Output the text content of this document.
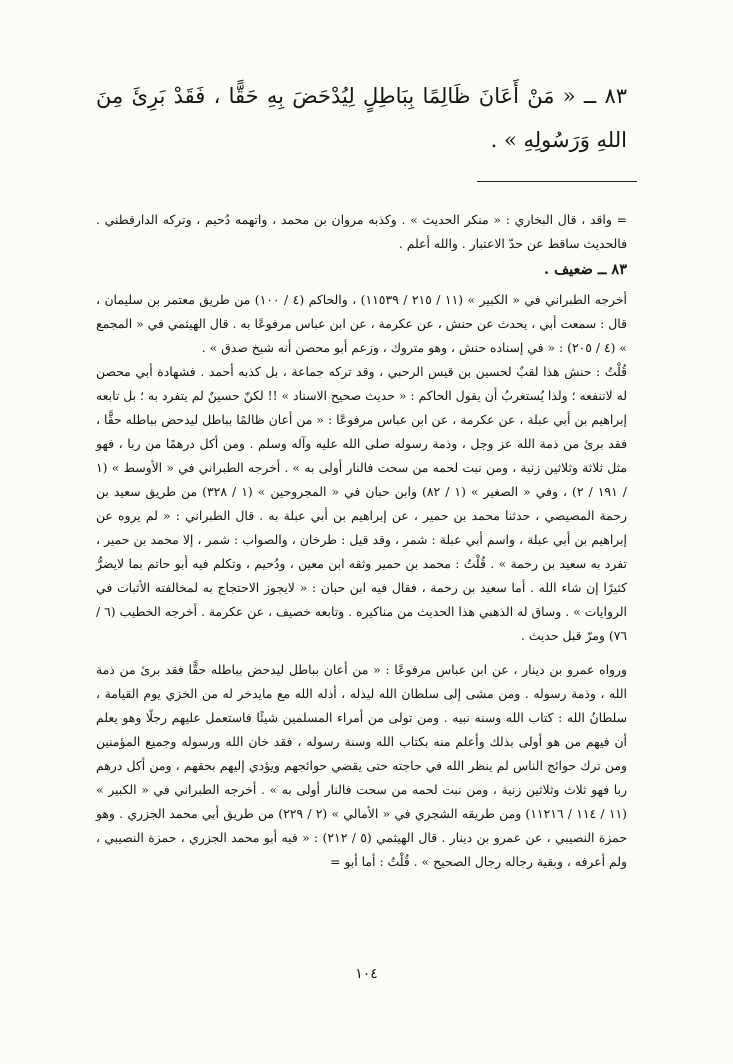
٨٣ ــ « مَنْ أَعَانَ ظَالِمًا بِبَاطِلٍ لِيُدْحَضَ بِهِ حَقًّا ، فَقَدْ بَرِئَ مِنَ اللهِ وَرَسُولِهِ » .

= واقد ، قال البخاري : « منكر الحديث » . وكذبه مروان بن محمد ، واتهمه دُحيم ، وتركه الدارقطني . فالحديث ساقط عن حدّ الاعتبار . والله أعلم .

٨٣ ــ ضعيف .

أخرجه الطبراني في « الكبير » (١١ / ٢١٥ / ١١٥٣٩) ، والحاكم (٤ / ١٠٠) من طريق معتمر بن سليمان ، قال : سمعت أبي ، يحدث عن حنش ، عن عكرمة ، عن ابن عباس مرفوعًا به . قال الهيثمي في « المجمع » (٤ / ٢٠٥) : « في إسناده حنش ، وهو متروك ، وزعم أبو محصن أنه شيخ صدق » .

قُلْتُ : حنش هذا لقبٌ لحسين بن قيس الرحبي ، وقد تركه جماعة ، بل كذبه أحمد . فشهادة أبي محصن له لاتنفعه ؛ ولذا يُستغربُ أن يقول الحاكم : « حديث صحيح الاسناد » !! لكنّ حسينٌ لم يتفرد به ؛ بل تابعه إبراهيم بن أبي عبلة ، عن عكرمة ، عن ابن عباس مرفوعًا : « من أعان ظالمًا بباطل ليدحض بباطله حقًّا ، فقد برئ من ذمة الله عز وجل ، وذمة رسوله صلى الله عليه وآله وسلم . ومن أكل درهمًا من ربا ، فهو مثل ثلاثة وثلاثين زنية ، ومن نبت لحمه من سحت فالنار أولى به » . أخرجه الطبراني في « الأوسط » (١ / ١٩١ / ٢) ، وفي « الصغير » (١ / ٨٢) وابن حبان في « المجروحين » (١ / ٣٢٨) من طريق سعيد بن رحمة المصيصي ، حدثنا محمد بن حمير ، عن إبراهيم بن أبي عبلة به . قال الطبراني : « لم يروه عن إبراهيم بن أبي عبلة ، واسم أبي عبلة : شمر ، وقد قيل : طرخان ، والصواب : شمر ، إلا محمد بن حمير ، تفرد به سعيد بن رحمة » . قُلْتُ : محمد بن حمير وثقه ابن معين ، ودُحيم ، وتكلم فيه أبو حاتم بما لايضرُّ كثيرًا إن شاء الله . أما سعيد بن رحمة ، فقال فيه ابن حبان : « لايجوز الاحتجاج به لمخالفته الأثبات في الروايات » . وساق له الذهبي هذا الحديث من مناكيره . وتابعه خصيف ، عن عكرمة . أخرجه الخطيب (٦ / ٧٦) ومرّ قبل حديث .

ورواه عمرو بن دينار ، عن ابن عباس مرفوعًا : « من أعان بباطل ليدحض بباطله حقًّا فقد برئ من ذمة الله ، وذمة رسوله . ومن مشى إلى سلطان الله ليذله ، أذله الله مع مايدخر له من الخزي يوم القيامة ، سلطانُ الله : كتاب الله وسنه نبيه . ومن تولى من أمراء المسلمين شيئًا فاستعمل عليهم رجلًا وهو يعلم أن فيهم من هو أولى بذلك وأعلم منه بكتاب الله وسنة رسوله ، فقد خان الله ورسوله وجميع المؤمنين ومن ترك حوائج الناس لم ينظر الله في حاجته حتى يقضي حوائجهم ويؤدي إليهم بحقهم ، ومن أكل درهم ربا فهو ثلاث وثلاثين زنية ، ومن نبت لحمه من سحت فالنار أولى به » . أخرجه الطبراني في « الكبير » (١١ / ١١٤ / ١١٢١٦) ومن طريقه الشجري في « الأمالي » (٢ / ٢٢٩) من طريق أبي محمد الجزري . وهو حمزة النصيبي ، عن عمرو بن دينار . قال الهيثمي (٥ / ٢١٢) : « فيه أبو محمد الجزري ، حمزة النصيبي ، ولم أعرفه ، وبقية رجاله رجال الصحيح » . قُلْتُ : أما أبو =

١٠٤
